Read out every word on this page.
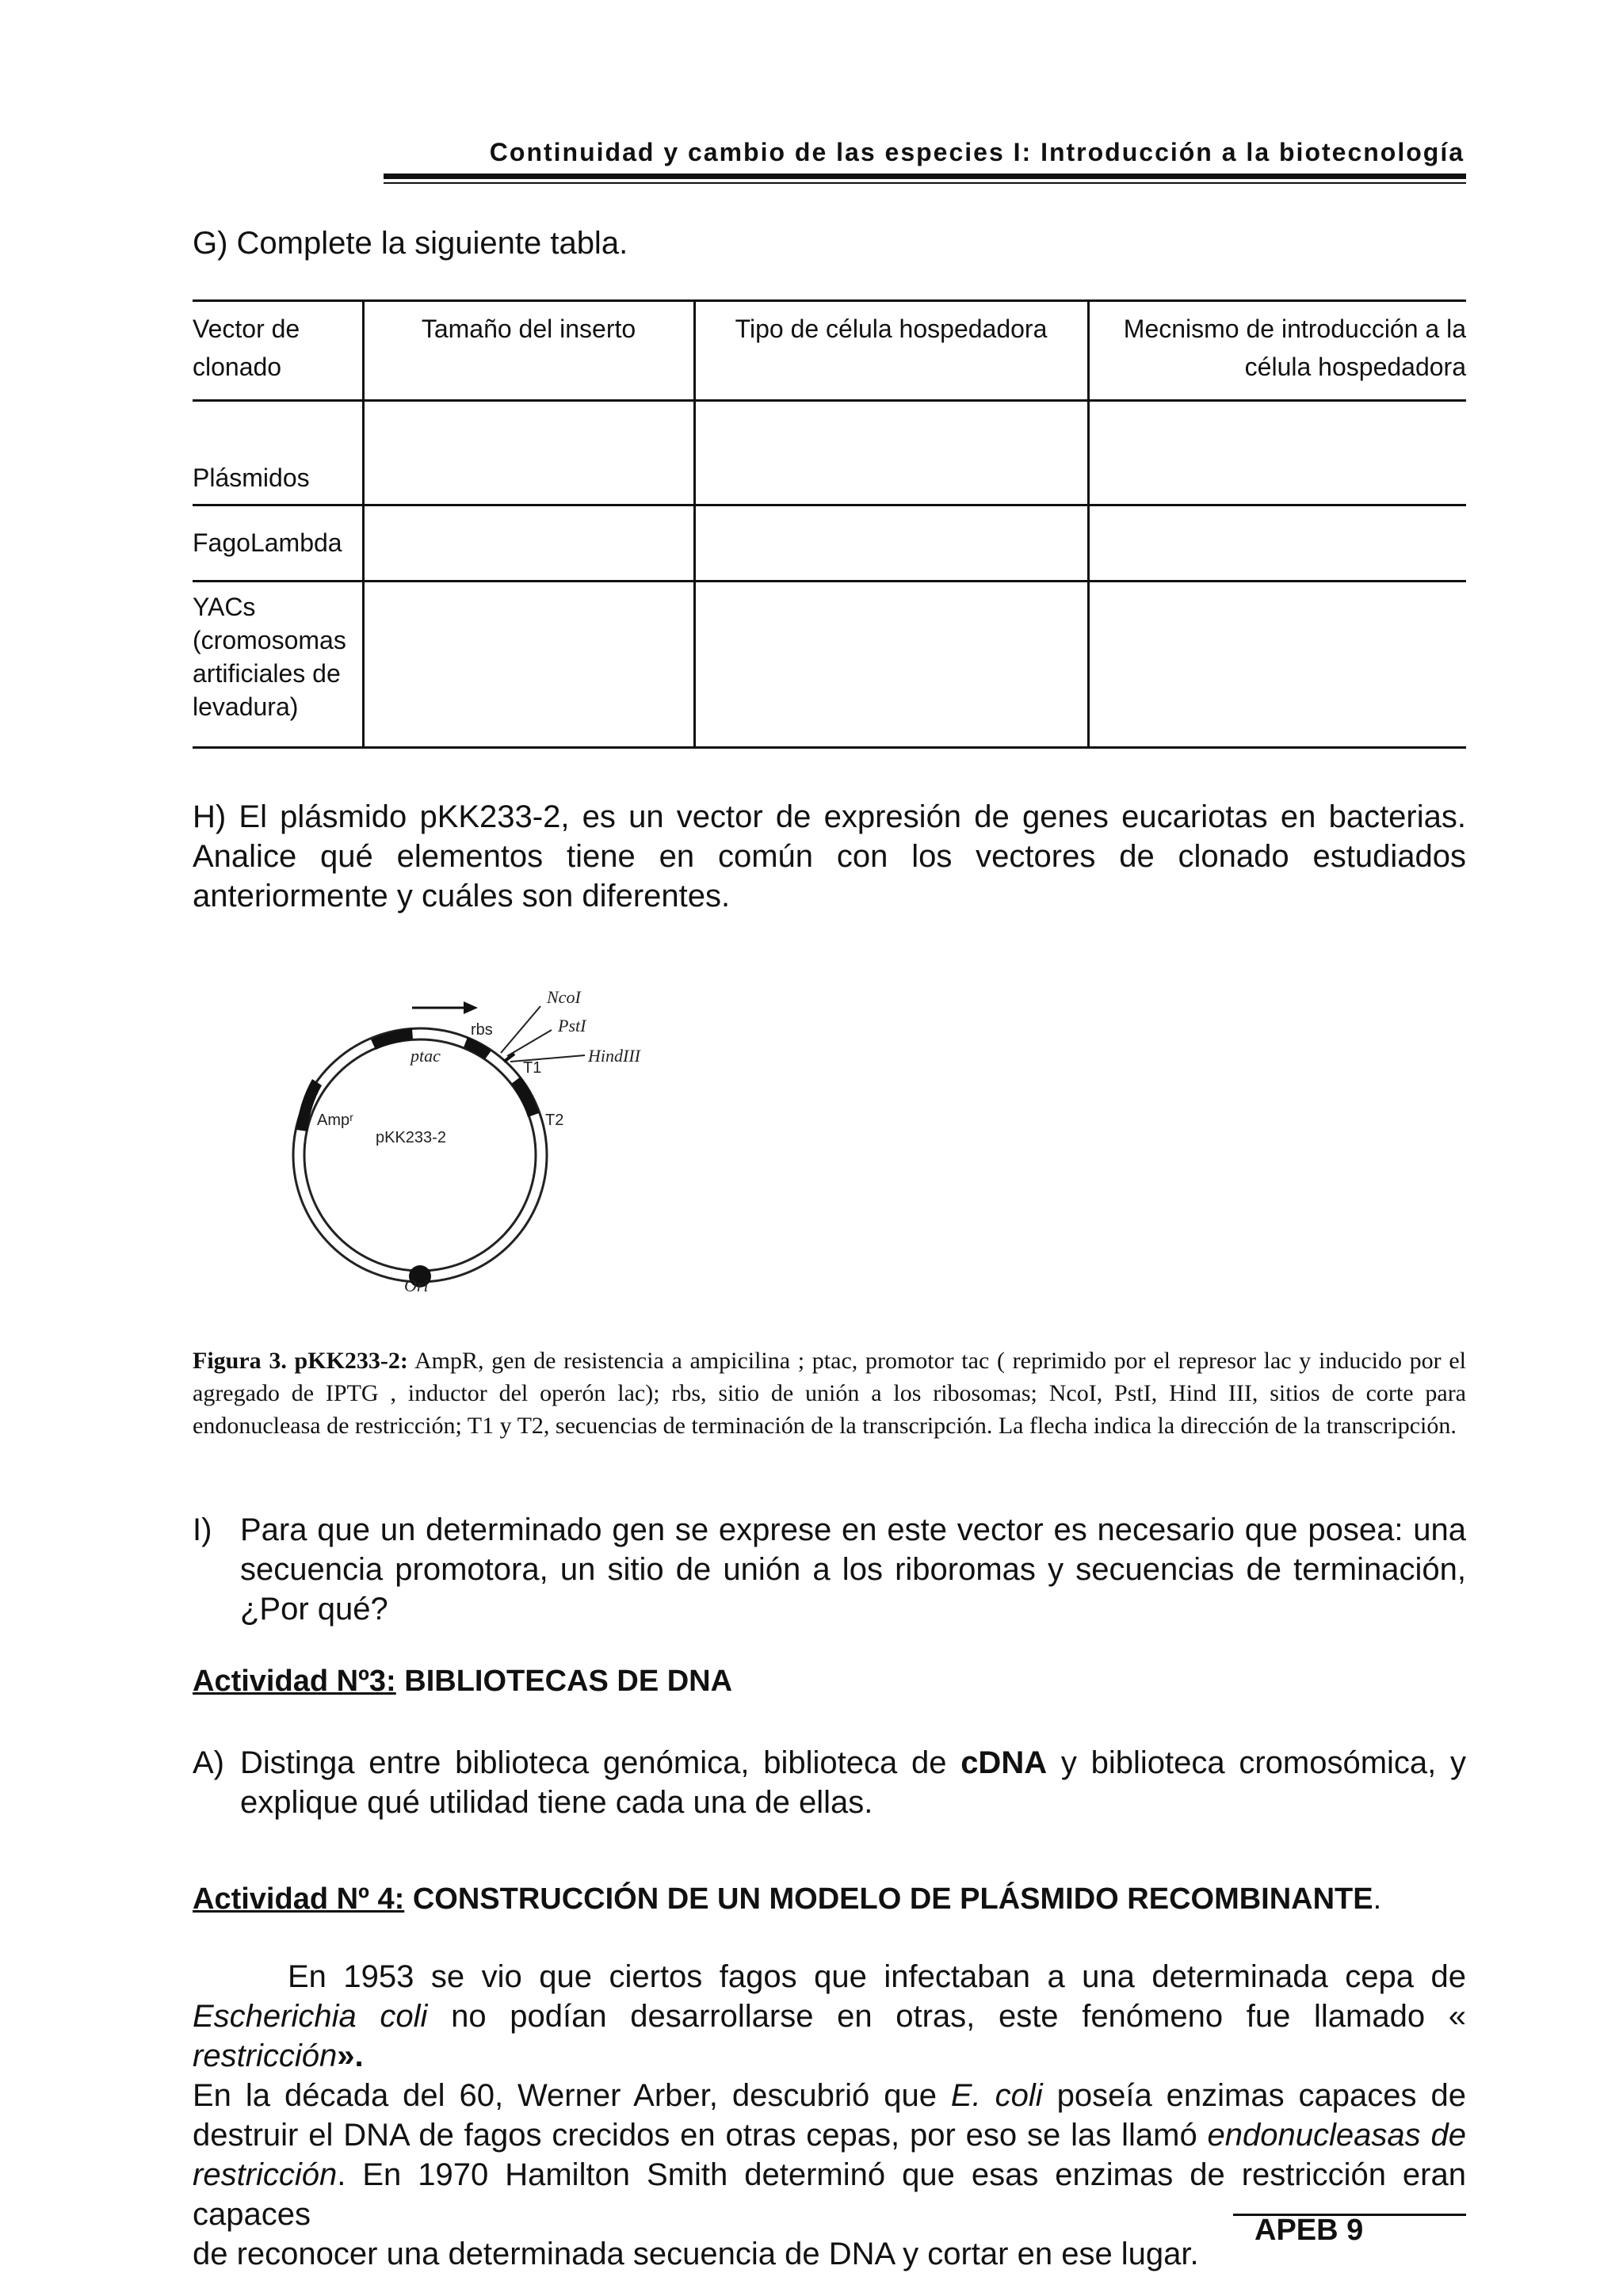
Continuidad y cambio de las especies I: Introducción a la biotecnología
G) Complete la siguiente tabla.
Vector de clonado	Tamaño del inserto	Tipo de célula hospedadora	Mecnismo de introducción a la célula hospedadora

Plásmidos			

FagoLambda			

YACs (cromosomas artificiales de levadura)			

H) El plásmido pKK233-2, es un vector de expresión de genes eucariotas en bacterias. Analice qué elementos tiene en común con los vectores de clonado estudiados anteriormente y cuáles son diferentes.
NcoI
PstI
HindIII
ptac
Ori
rbs
T1
T2
Ampʳ
pKK233-2
Figura 3. pKK233-2: AmpR, gen de resistencia a ampicilina ; ptac, promotor tac ( reprimido por el represor lac y inducido por el agregado de IPTG , inductor del operón lac); rbs, sitio de unión a los ribosomas; NcoI, PstI, Hind III, sitios de corte para endonucleasa de restricción; T1 y T2, secuencias de terminación de la transcripción. La flecha indica la dirección de la transcripción.
I) Para que un determinado gen se exprese en este vector es necesario que posea: una secuencia promotora, un sitio de unión a los riboromas y secuencias de terminación, ¿Por qué?
Actividad Nº3: BIBLIOTECAS DE DNA
A) Distinga entre biblioteca genómica, biblioteca de cDNA y biblioteca cromosómica, y explique qué utilidad tiene cada una de ellas.
Actividad Nº 4: CONSTRUCCIÓN DE UN MODELO DE PLÁSMIDO RECOMBINANTE.
En 1953 se vio que ciertos fagos que infectaban a una determinada cepa de
Escherichia coli no podían desarrollarse en otras, este fenómeno fue llamado « restricción».
En la década del 60, Werner Arber, descubrió que E. coli poseía enzimas capaces de
destruir el DNA de fagos crecidos en otras cepas, por eso se las llamó endonucleasas de
restricción. En 1970 Hamilton Smith determinó que esas enzimas de restricción eran capaces
de reconocer una determinada secuencia de DNA y cortar en ese lugar.
APEB 9
